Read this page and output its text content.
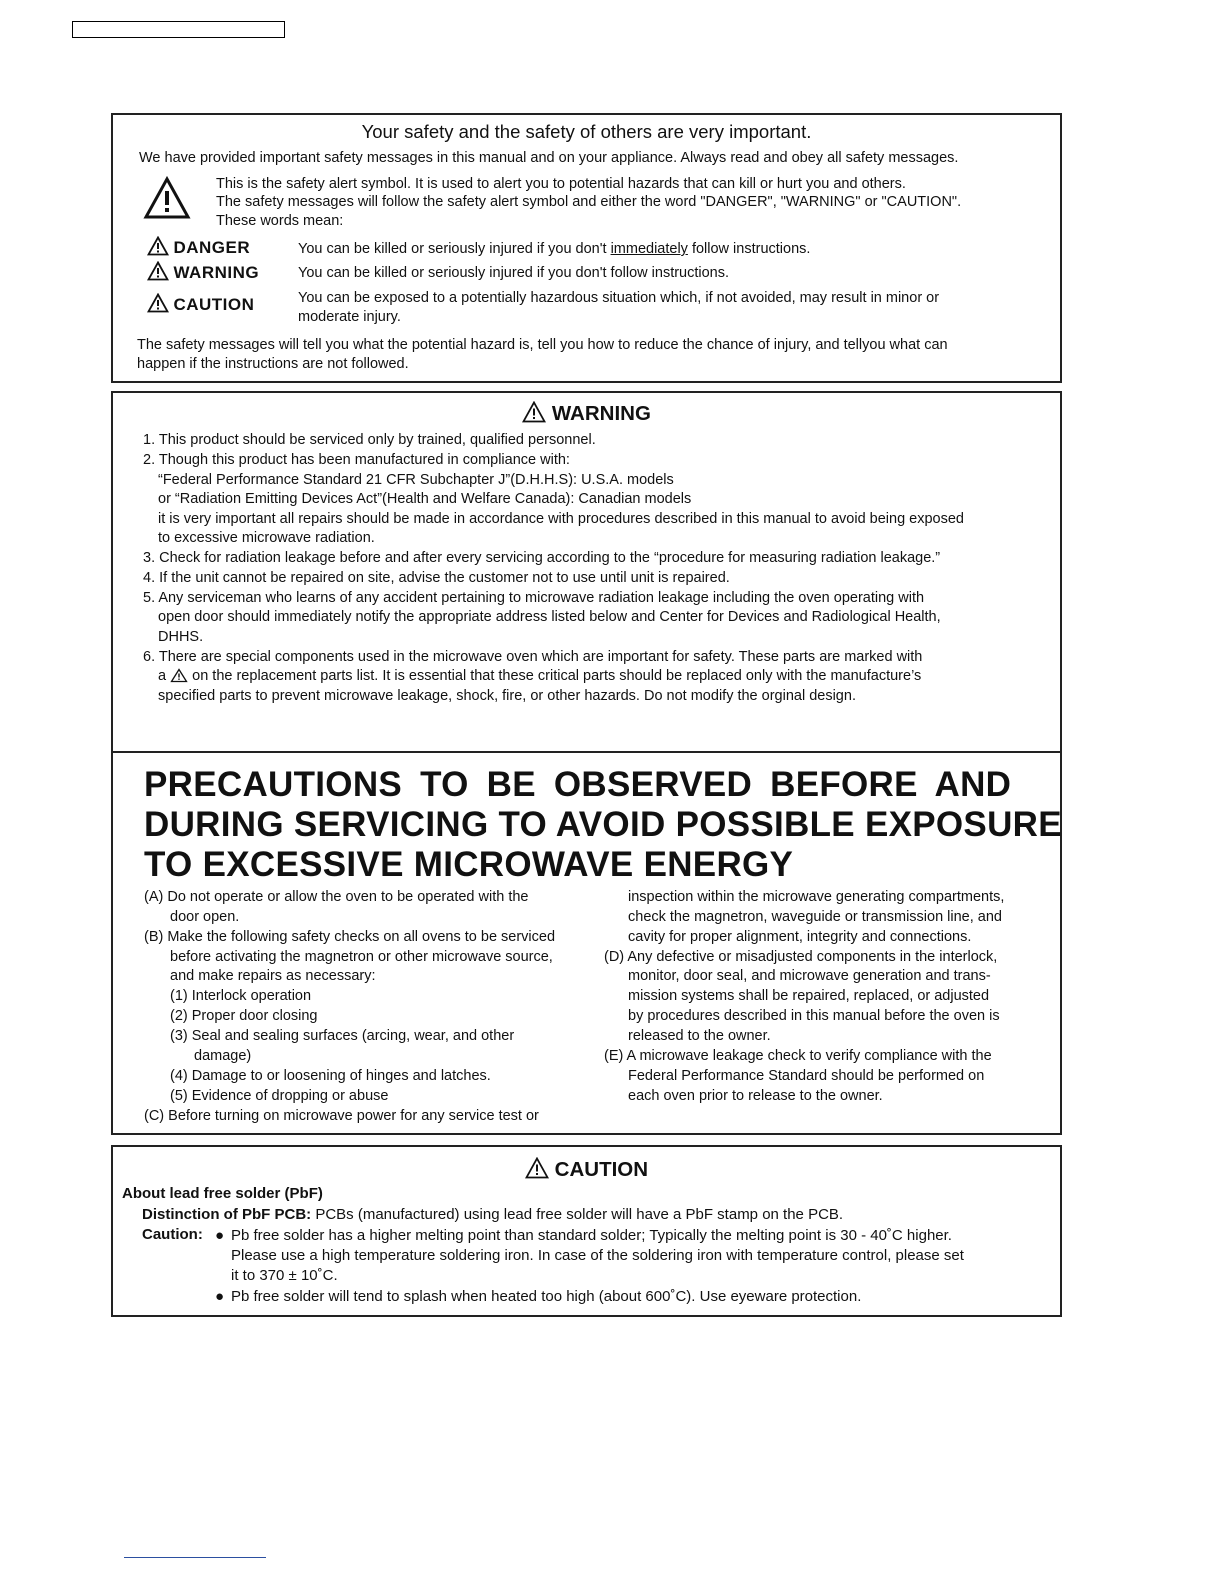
Your safety and the safety of others are very important.
We have provided important safety messages in this manual and on your appliance. Always read and obey all safety messages.
This is the safety alert symbol. It is used to alert you to potential hazards that can kill or hurt you and others.
The safety messages will follow the safety alert symbol and either the word "DANGER", "WARNING" or "CAUTION".
These words mean:
DANGER	You can be killed or seriously injured if you don't immediately follow instructions.
WARNING	You can be killed or seriously injured if you don't follow instructions.
CAUTION	You can be exposed to a potentially hazardous situation which, if not avoided, may result in minor or
moderate injury.
The safety messages will tell you what the potential hazard is, tell you how to reduce the chance of injury, and tellyou what can
happen if the instructions are not followed.
WARNING
1. This product should be serviced only by trained, qualified personnel.
2. Though this product has been manufactured in compliance with:
“Federal Performance Standard 21 CFR Subchapter J”(D.H.H.S): U.S.A. models
or “Radiation Emitting Devices Act”(Health and Welfare Canada): Canadian models
it is very important all repairs should be made in accordance with procedures described in this manual to avoid being exposed
to excessive microwave radiation.
3. Check for radiation leakage before and after every servicing according to the “procedure for measuring radiation leakage.”
4. If the unit cannot be repaired on site, advise the customer not to use until unit is repaired.
5. Any serviceman who learns of any accident pertaining to microwave radiation leakage including the oven operating with
open door should immediately notify the appropriate address listed below and Center for Devices and Radiological Health,
DHHS.
6. There are special components used in the microwave oven which are important for safety. These parts are marked with
a on the replacement parts list. It is essential that these critical parts should be replaced only with the manufacture’s
specified parts to prevent microwave leakage, shock, fire, or other hazards. Do not modify the orginal design.
PRECAUTIONS TO BE OBSERVED BEFORE AND
DURING SERVICING TO AVOID POSSIBLE EXPOSURE
TO EXCESSIVE MICROWAVE ENERGY
(A) Do not operate or allow the oven to be operated with the
door open.
(B) Make the following safety checks on all ovens to be serviced
before activating the magnetron or other microwave source,
and make repairs as necessary:
(1) Interlock operation
(2) Proper door closing
(3) Seal and sealing surfaces (arcing, wear, and other
damage)
(4) Damage to or loosening of hinges and latches.
(5) Evidence of dropping or abuse
(C) Before turning on microwave power for any service test or
inspection within the microwave generating compartments,
check the magnetron, waveguide or transmission line, and
cavity for proper alignment, integrity and connections.
(D) Any defective or misadjusted components in the interlock,
monitor, door seal, and microwave generation and trans-
mission systems shall be repaired, replaced, or adjusted
by procedures described in this manual before the oven is
released to the owner.
(E) A microwave leakage check to verify compliance with the
Federal Performance Standard should be performed on
each oven prior to release to the owner.
CAUTION
About lead free solder (PbF)
Distinction of PbF PCB: PCBs (manufactured) using lead free solder will have a PbF stamp on the PCB.
Caution: ● Pb free solder has a higher melting point than standard solder; Typically the melting point is 30 - 40˚C higher.
Please use a high temperature soldering iron. In case of the soldering iron with temperature control, please set
it to 370 ± 10˚C.
● Pb free solder will tend to splash when heated too high (about 600˚C). Use eyeware protection.
